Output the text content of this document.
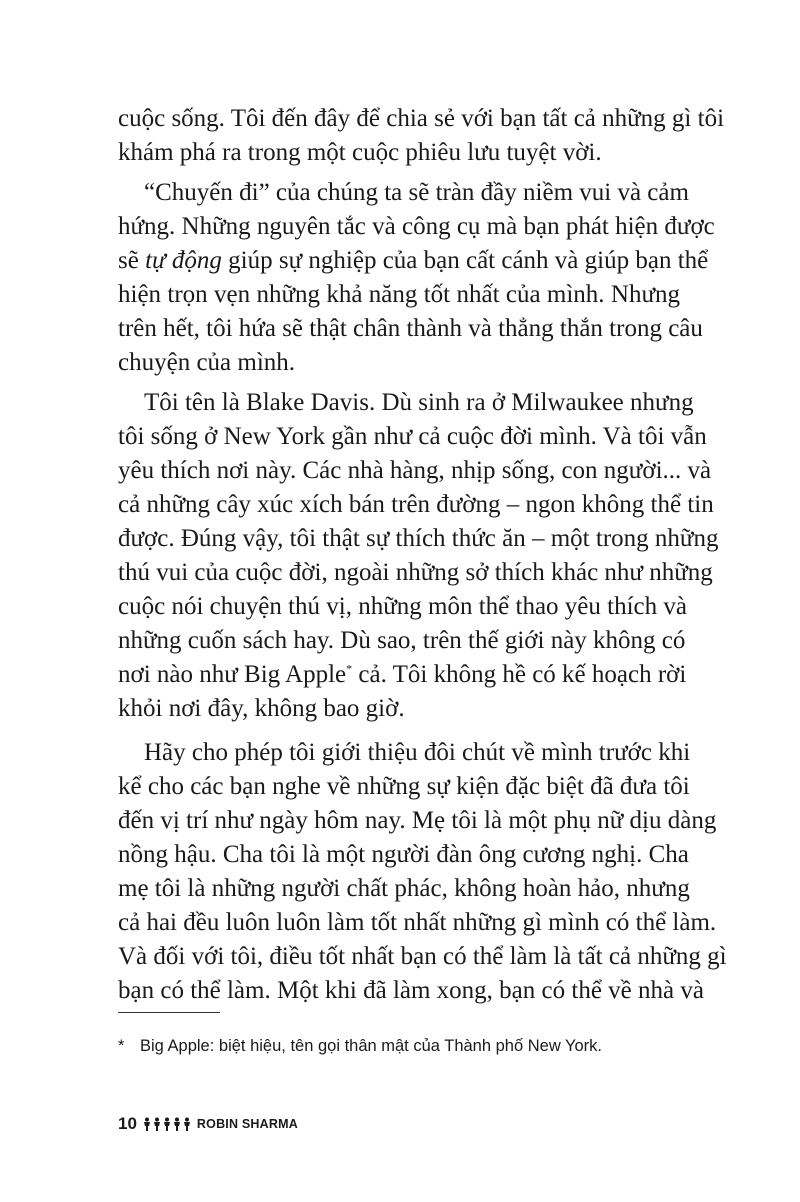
cuộc sống. Tôi đến đây để chia sẻ với bạn tất cả những gì tôi
khám phá ra trong một cuộc phiêu lưu tuyệt vời.
“Chuyến đi” của chúng ta sẽ tràn đầy niềm vui và cảm
hứng. Những nguyên tắc và công cụ mà bạn phát hiện được
sẽ tự động giúp sự nghiệp của bạn cất cánh và giúp bạn thể
hiện trọn vẹn những khả năng tốt nhất của mình. Nhưng
trên hết, tôi hứa sẽ thật chân thành và thẳng thắn trong câu
chuyện của mình.
Tôi tên là Blake Davis. Dù sinh ra ở Milwaukee nhưng
tôi sống ở New York gần như cả cuộc đời mình. Và tôi vẫn
yêu thích nơi này. Các nhà hàng, nhịp sống, con người... và
cả những cây xúc xích bán trên đường – ngon không thể tin
được. Đúng vậy, tôi thật sự thích thức ăn – một trong những
thú vui của cuộc đời, ngoài những sở thích khác như những
cuộc nói chuyện thú vị, những môn thể thao yêu thích và
những cuốn sách hay. Dù sao, trên thế giới này không có
nơi nào như Big Apple* cả. Tôi không hề có kế hoạch rời
khỏi nơi đây, không bao giờ.
Hãy cho phép tôi giới thiệu đôi chút về mình trước khi
kể cho các bạn nghe về những sự kiện đặc biệt đã đưa tôi
đến vị trí như ngày hôm nay. Mẹ tôi là một phụ nữ dịu dàng
nồng hậu. Cha tôi là một người đàn ông cương nghị. Cha
mẹ tôi là những người chất phác, không hoàn hảo, nhưng
cả hai đều luôn luôn làm tốt nhất những gì mình có thể làm.
Và đối với tôi, điều tốt nhất bạn có thể làm là tất cả những gì
bạn có thể làm. Một khi đã làm xong, bạn có thể về nhà và
* Big Apple: biệt hiệu, tên gọi thân mật của Thành phố New York.
10	ROBIN SHARMA
